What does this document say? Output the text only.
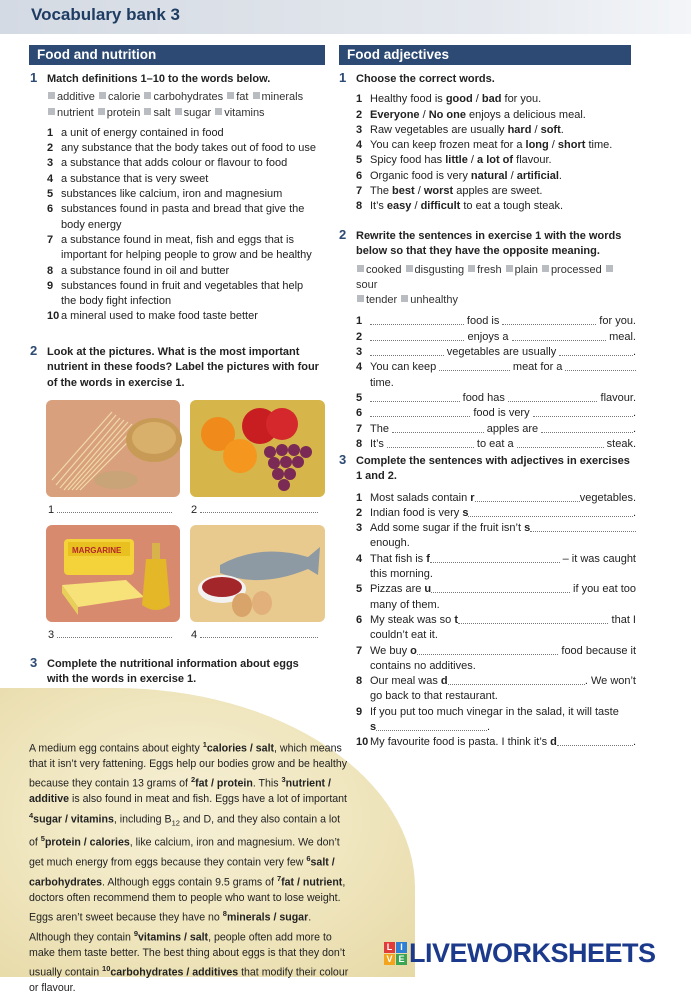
Vocabulary bank 3
Food and nutrition
1 Match definitions 1–10 to the words below.
additive calorie carbohydrates fat minerals
nutrient protein salt sugar vitamins
1 a unit of energy contained in food
2 any substance that the body takes out of food to use
3 a substance that adds colour or flavour to food
4 a substance that is very sweet
5 substances like calcium, iron and magnesium
6 substances found in pasta and bread that give the
body energy
7 a substance found in meat, fish and eggs that is
important for helping people to grow and be healthy
8 a substance found in oil and butter
9 substances found in fruit and vegetables that help
the body fight infection
10 a mineral used to make food taste better
2 Look at the pictures. What is the most important
nutrient in these foods? Label the pictures with four
of the words in exercise 1.
1	2
MARGARINE
3	4
3 Complete the nutritional information about eggs
with the words in exercise 1.
A medium egg contains about eighty $^1$calories / salt, which means that it isn’t very fattening. Eggs help our bodies grow and be healthy because they contain 13 grams of $^2$fat / protein. This $^3$nutrient / additive is also found in meat and fish. Eggs have a lot of important $^4$sugar / vitamins, including $B_{12}$ and D, and they also contain a lot of $^5$protein / calories, like calcium, iron and magnesium. We don’t get much energy from eggs because they contain very few $^6$salt / carbohydrates. Although eggs contain 9.5 grams of $^7$fat / nutrient, doctors often recommend them to people who want to lose weight. Eggs aren’t sweet because they have no $^8$minerals / sugar. Although they contain $^9$vitamins / salt, people often add more to make them taste better. The best thing about eggs is that they don’t usually contain $^{10}$carbohydrates / additives that modify their colour or flavour.
Food adjectives
1 Choose the correct words.
1 Healthy food is good / bad for you.
2 Everyone / No one enjoys a delicious meal.
3 Raw vegetables are usually hard / soft.
4 You can keep frozen meat for a long / short time.
5 Spicy food has little / a lot of flavour.
6 Organic food is very natural / artificial.
7 The best / worst apples are sweet.
8 It’s easy / difficult to eat a tough steak.
2 Rewrite the sentences in exercise 1 with the words
below so that they have the opposite meaning.
cooked disgusting fresh plain processed sour
tender unhealthy
1	food is	for you.
2	enjoys a	meal.
3	vegetables are usually	.
4 You can keep	meat for a
time.
5	food has	flavour.
6	food is very	.
7 The	apples are	.
8 It’s	to eat a	steak.
3 Complete the sentences with adjectives in exercises
1 and 2.
1 Most salads contain r	vegetables.
2 Indian food is very s	.
3 Add some sugar if the fruit isn’t s
enough.
4 That fish is f	– it was caught
this morning.
5 Pizzas are u	if you eat too
many of them.
6 My steak was so t	that I
couldn’t eat it.
7 We buy o	food because it
contains no additives.
8 Our meal was d	. We won’t
go back to that restaurant.
9 If you put too much vinegar in the salad, it will taste
s	.
10 My favourite food is pasta. I think it’s d	.
L I
V E LIVEWORKSHEETS
